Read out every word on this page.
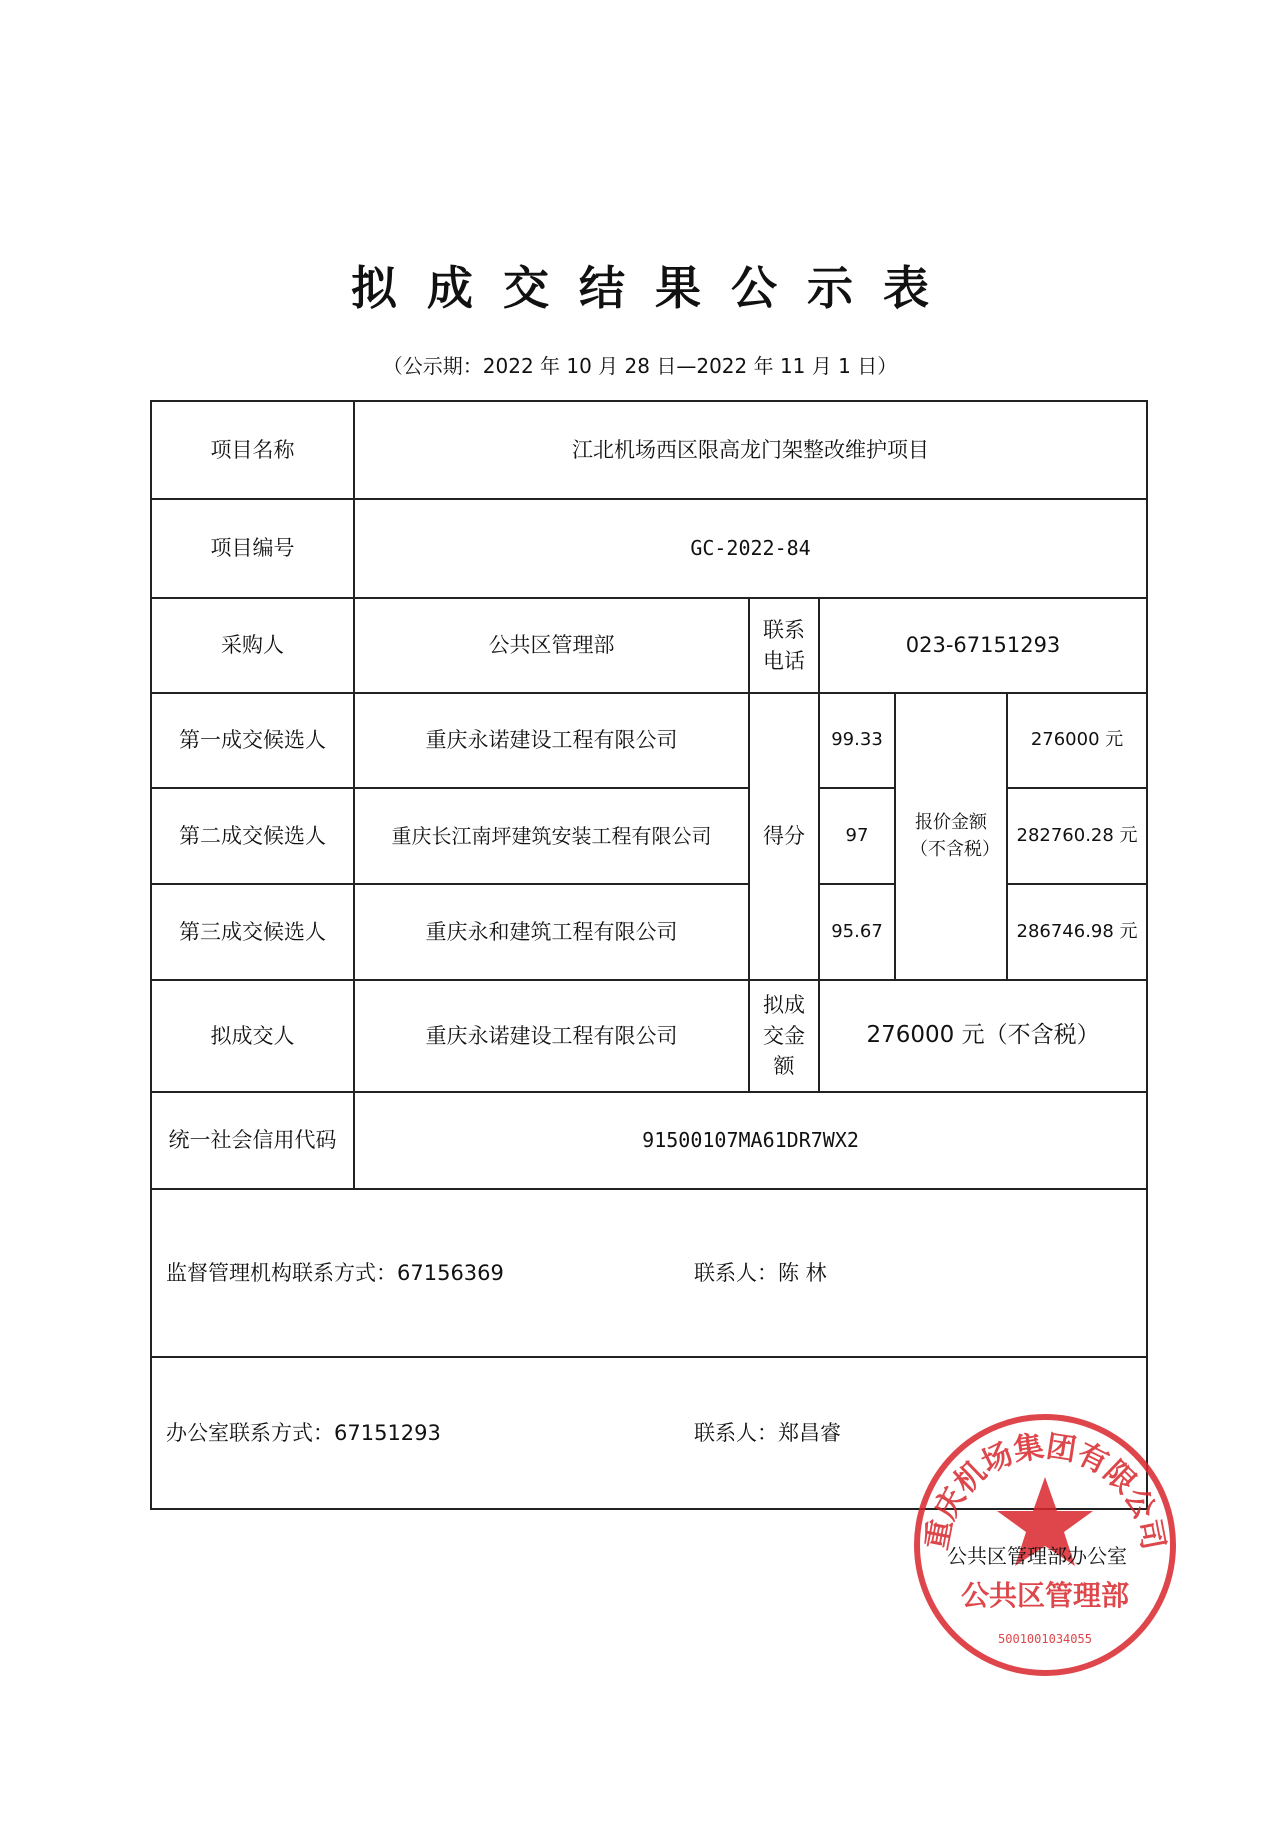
拟成交结果公示表
（公示期：2022 年 10 月 28 日—2022 年 11 月 1 日）
项目名称	江北机场西区限高龙门架整改维护项目				
项目编号	GC-2022-84				
采购人	公共区管理部	联系电话	023-67151293		
第一成交候选人	重庆永诺建设工程有限公司	得分	99.33	报价金额（不含税）	276000 元
第二成交候选人	重庆长江南坪建筑安装工程有限公司		97		282760.28 元
第三成交候选人	重庆永和建筑工程有限公司		95.67		286746.98 元
拟成交人	重庆永诺建设工程有限公司	拟成交金额	276000 元（不含税）		
统一社会信用代码	91500107MA61DR7WX2				

监督管理机构联系方式：67156369 联系人：陈 林					

办公室联系方式：67151293 联系人：郑昌睿					
重庆机场集团有限公司
公共区管理部
5001001034055
公共区管理部办公室
